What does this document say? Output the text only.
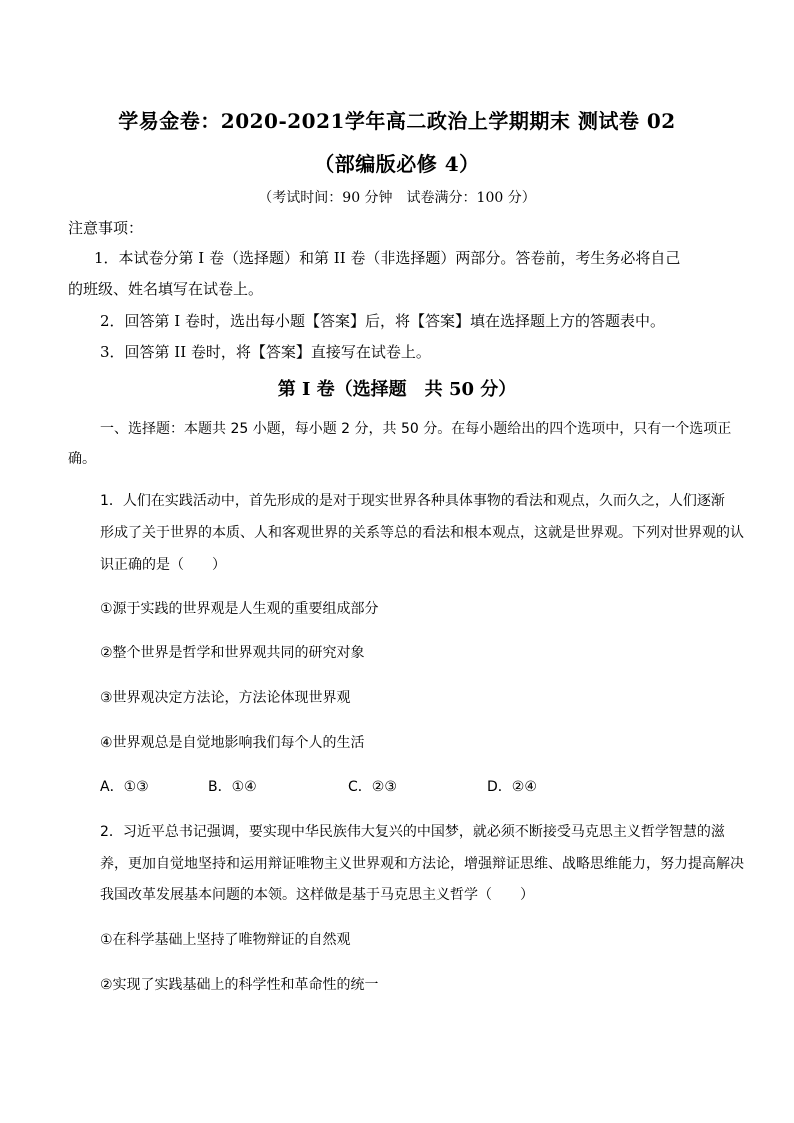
学易金卷：2020-2021学年高二政治上学期期末 测试卷 02
（部编版必修 4）
（考试时间：90 分钟　试卷满分：100 分）
注意事项：
1．本试卷分第 I 卷（选择题）和第 II 卷（非选择题）两部分。答卷前，考生务必将自己
的班级、姓名填写在试卷上。
2．回答第 I 卷时，选出每小题【答案】后，将【答案】填在选择题上方的答题表中。
3．回答第 II 卷时，将【答案】直接写在试卷上。
第 I 卷（选择题　共 50 分）
一、选择题：本题共 25 小题，每小题 2 分，共 50 分。在每小题给出的四个选项中，只有一个选项正
确。
1．人们在实践活动中，首先形成的是对于现实世界各种具体事物的看法和观点，久而久之，人们逐渐
形成了关于世界的本质、人和客观世界的关系等总的看法和根本观点，这就是世界观。下列对世界观的认
识正确的是（　　）
①源于实践的世界观是人生观的重要组成部分
②整个世界是哲学和世界观共同的研究对象
③世界观决定方法论，方法论体现世界观
④世界观总是自觉地影响我们每个人的生活
A．①③	B．①④	C．②③	D．②④
2．习近平总书记强调，要实现中华民族伟大复兴的中国梦，就必须不断接受马克思主义哲学智慧的滋
养，更加自觉地坚持和运用辩证唯物主义世界观和方法论，增强辩证思维、战略思维能力，努力提高解决
我国改革发展基本问题的本领。这样做是基于马克思主义哲学（　　）
①在科学基础上坚持了唯物辩证的自然观
②实现了实践基础上的科学性和革命性的统一
